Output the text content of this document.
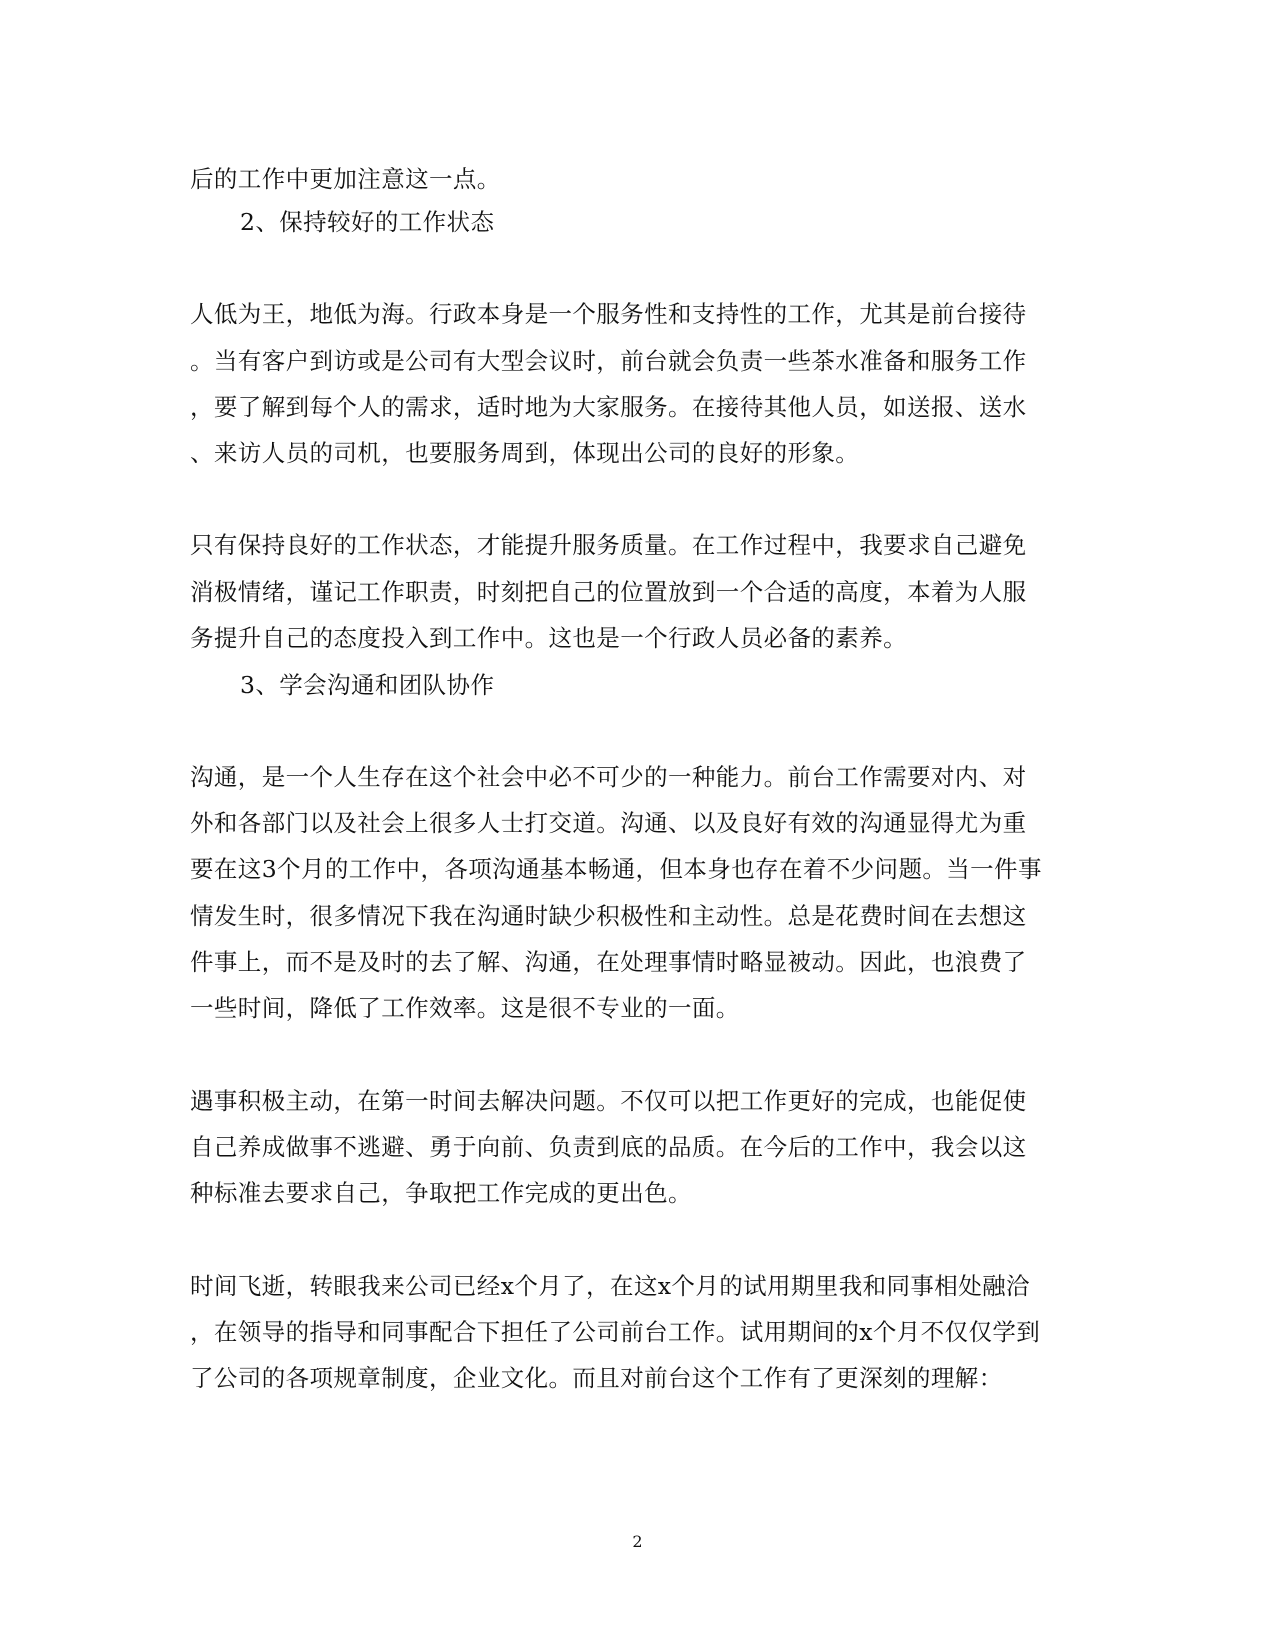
后的工作中更加注意这一点。
2、保持较好的工作状态
人低为王，地低为海。行政本身是一个服务性和支持性的工作，尤其是前台接待
。当有客户到访或是公司有大型会议时，前台就会负责一些茶水准备和服务工作
，要了解到每个人的需求，适时地为大家服务。在接待其他人员，如送报、送水
、来访人员的司机，也要服务周到，体现出公司的良好的形象。
只有保持良好的工作状态，才能提升服务质量。在工作过程中，我要求自己避免
消极情绪，谨记工作职责，时刻把自己的位置放到一个合适的高度，本着为人服
务提升自己的态度投入到工作中。这也是一个行政人员必备的素养。
3、学会沟通和团队协作
沟通，是一个人生存在这个社会中必不可少的一种能力。前台工作需要对内、对
外和各部门以及社会上很多人士打交道。沟通、以及良好有效的沟通显得尤为重
要在这3个月的工作中，各项沟通基本畅通，但本身也存在着不少问题。当一件事
情发生时，很多情况下我在沟通时缺少积极性和主动性。总是花费时间在去想这
件事上，而不是及时的去了解、沟通，在处理事情时略显被动。因此，也浪费了
一些时间，降低了工作效率。这是很不专业的一面。
遇事积极主动，在第一时间去解决问题。不仅可以把工作更好的完成，也能促使
自己养成做事不逃避、勇于向前、负责到底的品质。在今后的工作中，我会以这
种标准去要求自己，争取把工作完成的更出色。
时间飞逝，转眼我来公司已经x个月了，在这x个月的试用期里我和同事相处融洽
，在领导的指导和同事配合下担任了公司前台工作。试用期间的x个月不仅仅学到
了公司的各项规章制度，企业文化。而且对前台这个工作有了更深刻的理解：
2
